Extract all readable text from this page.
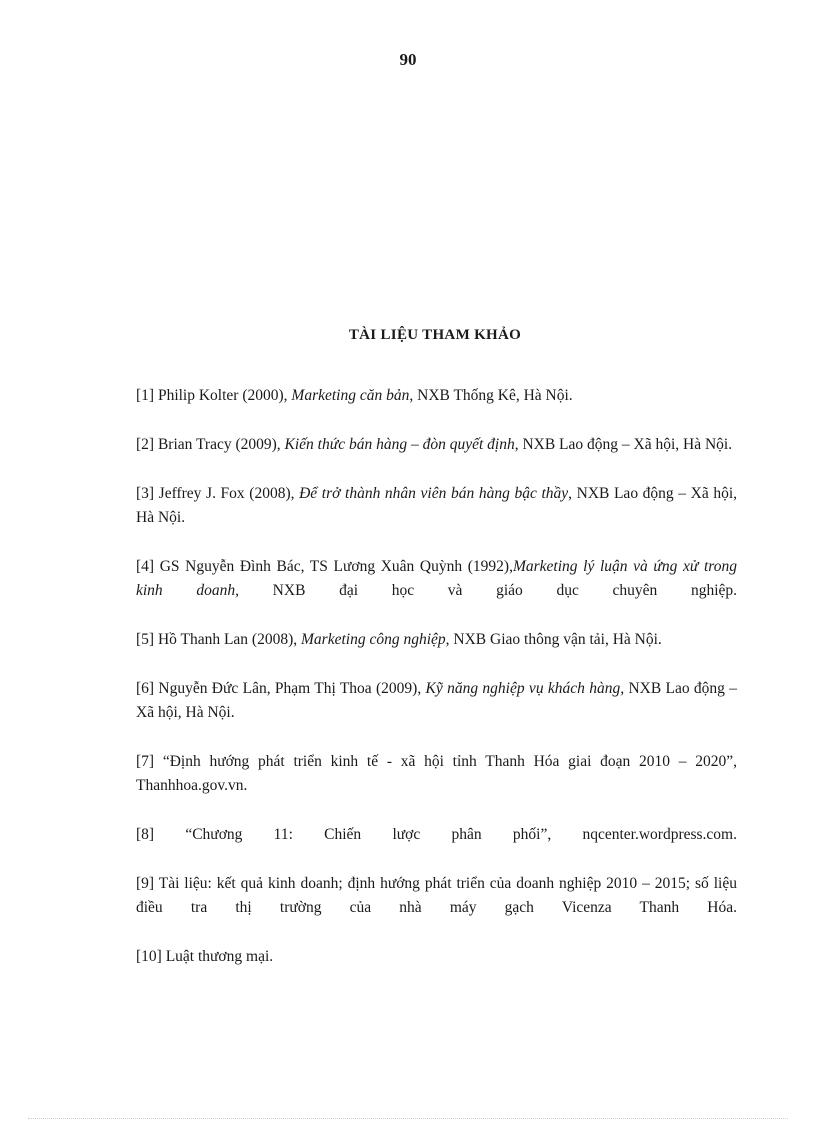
90
TÀI LIỆU THAM KHẢO

[1] Philip Kolter (2000), Marketing căn bản, NXB Thống Kê, Hà Nội.

[2] Brian Tracy (2009), Kiến thức bán hàng – đòn quyết định, NXB Lao động – Xã hội, Hà Nội.

[3] Jeffrey J. Fox (2008), Để trở thành nhân viên bán hàng bậc thầy, NXB Lao động – Xã hội, Hà Nội.

[4] GS Nguyễn Đình Bác, TS Lương Xuân Quỳnh (1992),Marketing lý luận và ứng xử trong kinh doanh, NXB đại học và giáo dục chuyên nghiệp.

[5] Hồ Thanh Lan (2008), Marketing công nghiệp, NXB Giao thông vận tải, Hà Nội.

[6] Nguyễn Đức Lân, Phạm Thị Thoa (2009), Kỹ năng nghiệp vụ khách hàng, NXB Lao động – Xã hội, Hà Nội.

[7] “Định hướng phát triển kinh tế - xã hội tỉnh Thanh Hóa giai đoạn 2010 – 2020”, Thanhhoa.gov.vn.

[8] “Chương 11: Chiến lược phân phối”, nqcenter.wordpress.com.

[9] Tài liệu: kết quả kinh doanh; định hướng phát triển của doanh nghiệp 2010 – 2015; số liệu điều tra thị trường của nhà máy gạch Vicenza Thanh Hóa.

[10] Luật thương mại.
